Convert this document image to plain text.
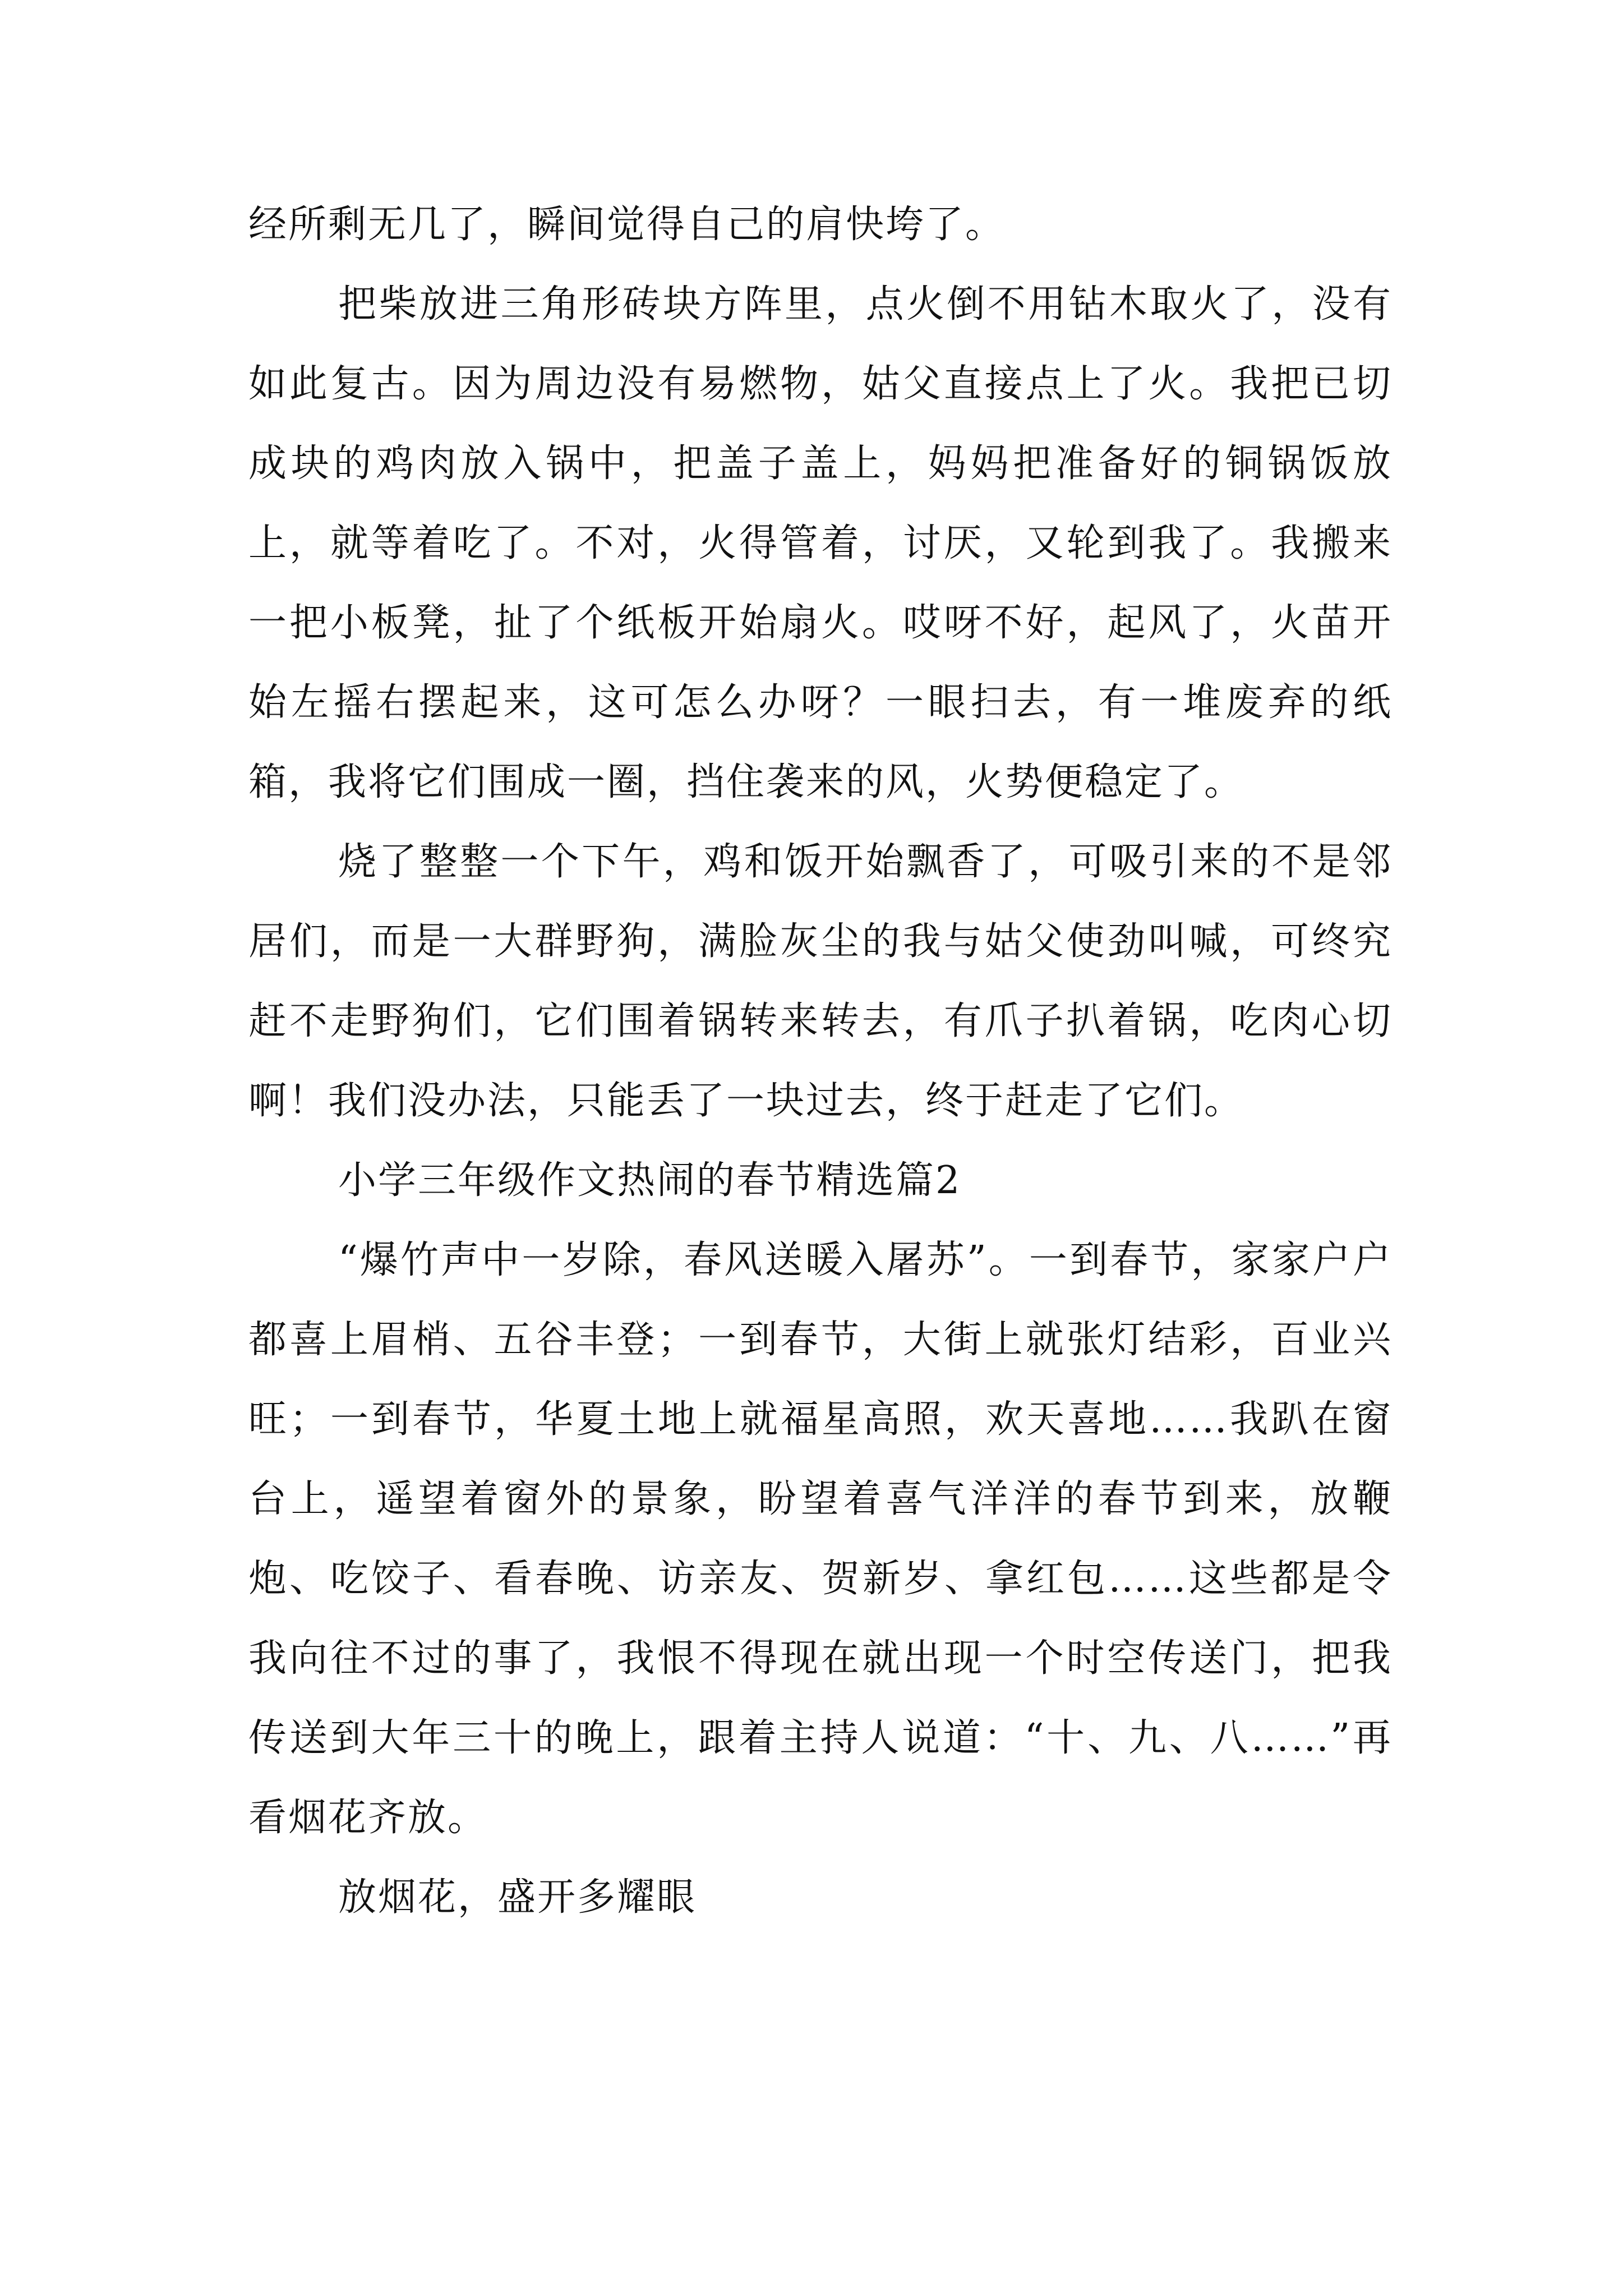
经所剩无几了，瞬间觉得自己的肩快垮了。

把柴放进三角形砖块方阵里，点火倒不用钻木取火了，没有如此复古。因为周边没有易燃物，姑父直接点上了火。我把已切成块的鸡肉放入锅中，把盖子盖上，妈妈把准备好的铜锅饭放上，就等着吃了。不对，火得管着，讨厌，又轮到我了。我搬来一把小板凳，扯了个纸板开始扇火。哎呀不好，起风了，火苗开始左摇右摆起来，这可怎么办呀？一眼扫去，有一堆废弃的纸箱，我将它们围成一圈，挡住袭来的风，火势便稳定了。

烧了整整一个下午，鸡和饭开始飘香了，可吸引来的不是邻居们，而是一大群野狗，满脸灰尘的我与姑父使劲叫喊，可终究赶不走野狗们，它们围着锅转来转去，有爪子扒着锅，吃肉心切啊！我们没办法，只能丢了一块过去，终于赶走了它们。

小学三年级作文热闹的春节精选篇2

“爆竹声中一岁除，春风送暖入屠苏”。一到春节，家家户户都喜上眉梢、五谷丰登；一到春节，大街上就张灯结彩，百业兴旺；一到春节，华夏土地上就福星高照，欢天喜地……我趴在窗台上，遥望着窗外的景象，盼望着喜气洋洋的春节到来，放鞭炮、吃饺子、看春晚、访亲友、贺新岁、拿红包……这些都是令我向往不过的事了，我恨不得现在就出现一个时空传送门，把我传送到大年三十的晚上，跟着主持人说道：“十、九、八……”再看烟花齐放。

放烟花，盛开多耀眼
